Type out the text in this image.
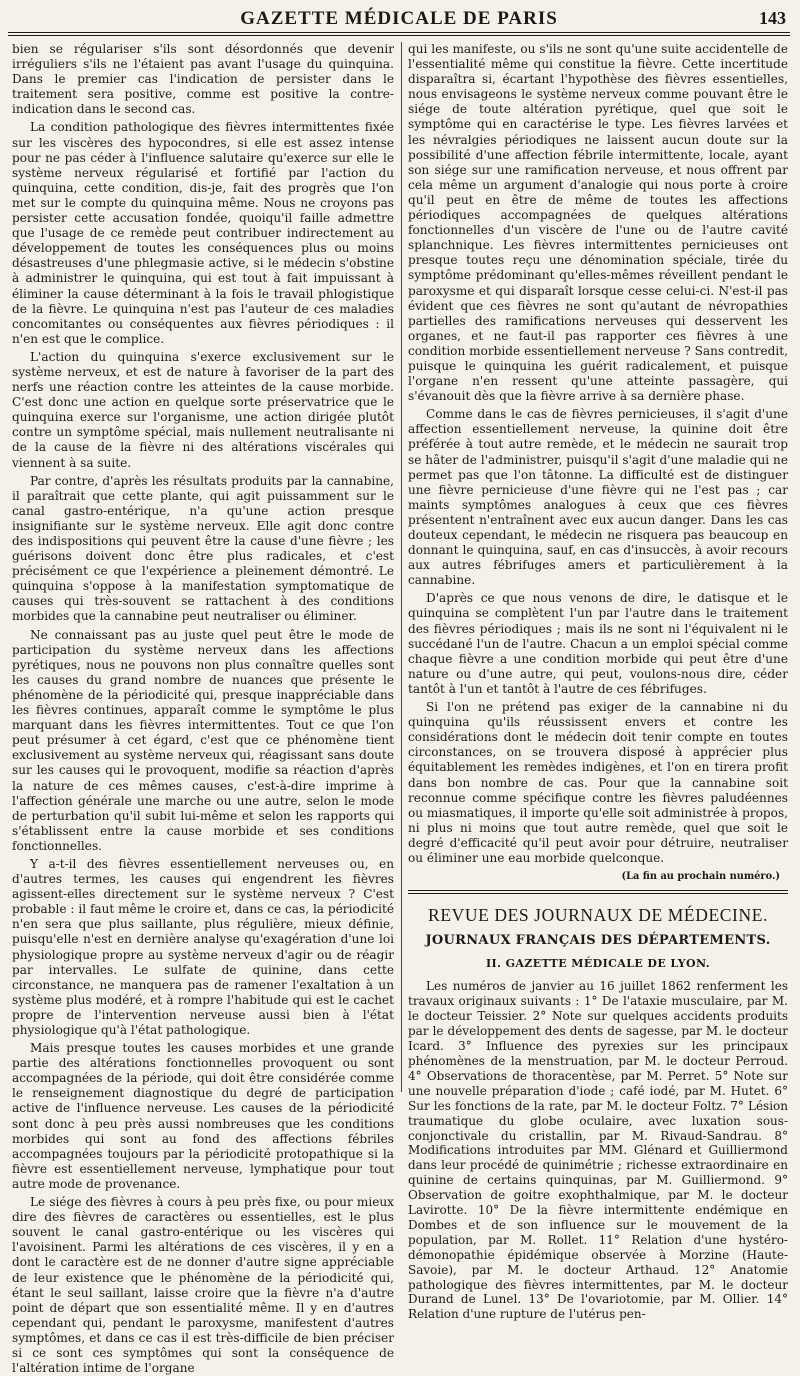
GAZETTE MÉDICALE DE PARIS	143

bien se régulariser s'ils sont désordonnés que devenir irréguliers s'ils ne l'étaient pas avant l'usage du quinquina. Dans le premier cas l'indication de persister dans le traitement sera positive, comme est positive la contre-indication dans le second cas.

La condition pathologique des fièvres intermittentes fixée sur les viscères des hypocondres, si elle est assez intense pour ne pas céder à l'influence salutaire qu'exerce sur elle le système nerveux régularisé et fortifié par l'action du quinquina, cette condition, dis-je, fait des progrès que l'on met sur le compte du quinquina même. Nous ne croyons pas persister cette accusation fondée, quoiqu'il faille admettre que l'usage de ce remède peut contribuer indirectement au développement de toutes les conséquences plus ou moins désastreuses d'une phlegmasie active, si le médecin s'obstine à administrer le quinquina, qui est tout à fait impuissant à éliminer la cause déterminant à la fois le travail phlogistique de la fièvre. Le quinquina n'est pas l'auteur de ces maladies concomitantes ou conséquentes aux fièvres périodiques : il n'en est que le complice.

L'action du quinquina s'exerce exclusivement sur le système nerveux, et est de nature à favoriser de la part des nerfs une réaction contre les atteintes de la cause morbide. C'est donc une action en quelque sorte préservatrice que le quinquina exerce sur l'organisme, une action dirigée plutôt contre un symptôme spécial, mais nullement neutralisante ni de la cause de la fièvre ni des altérations viscérales qui viennent à sa suite.

Par contre, d'après les résultats produits par la cannabine, il paraîtrait que cette plante, qui agit puissamment sur le canal gastro-entérique, n'a qu'une action presque insignifiante sur le système nerveux. Elle agit donc contre des indispositions qui peuvent être la cause d'une fièvre ; les guérisons doivent donc être plus radicales, et c'est précisément ce que l'expérience a pleinement démontré. Le quinquina s'oppose à la manifestation symptomatique de causes qui très-souvent se rattachent à des conditions morbides que la cannabine peut neutraliser ou éliminer.

Ne connaissant pas au juste quel peut être le mode de participation du système nerveux dans les affections pyrétiques, nous ne pouvons non plus connaître quelles sont les causes du grand nombre de nuances que présente le phénomène de la périodicité qui, presque inappréciable dans les fièvres continues, apparaît comme le symptôme le plus marquant dans les fièvres intermittentes. Tout ce que l'on peut présumer à cet égard, c'est que ce phénomène tient exclusivement au système nerveux qui, réagissant sans doute sur les causes qui le provoquent, modifie sa réaction d'après la nature de ces mêmes causes, c'est-à-dire imprime à l'affection générale une marche ou une autre, selon le mode de perturbation qu'il subit lui-même et selon les rapports qui s'établissent entre la cause morbide et ses conditions fonctionnelles.

Y a-t-il des fièvres essentiellement nerveuses ou, en d'autres termes, les causes qui engendrent les fièvres agissent-elles directement sur le système nerveux ? C'est probable : il faut même le croire et, dans ce cas, la périodicité n'en sera que plus saillante, plus régulière, mieux définie, puisqu'elle n'est en dernière analyse qu'exagération d'une loi physiologique propre au système nerveux d'agir ou de réagir par intervalles. Le sulfate de quinine, dans cette circonstance, ne manquera pas de ramener l'exaltation à un système plus modéré, et à rompre l'habitude qui est le cachet propre de l'intervention nerveuse aussi bien à l'état physiologique qu'à l'état pathologique.

Mais presque toutes les causes morbides et une grande partie des altérations fonctionnelles provoquent ou sont accompagnées de la période, qui doit être considérée comme le renseignement diagnostique du degré de participation active de l'influence nerveuse. Les causes de la périodicité sont donc à peu près aussi nombreuses que les conditions morbides qui sont au fond des affections fébriles accompagnées toujours par la périodicité protopathique si la fièvre est essentiellement nerveuse, lymphatique pour tout autre mode de provenance.

Le siége des fièvres à cours à peu près fixe, ou pour mieux dire des fièvres de caractères ou essentielles, est le plus souvent le canal gastro-entérique ou les viscères qui l'avoisinent. Parmi les altérations de ces viscères, il y en a dont le caractère est de ne donner d'autre signe appréciable de leur existence que le phénomène de la périodicité qui, étant le seul saillant, laisse croire que la fièvre n'a d'autre point de départ que son essentialité même. Il y en d'autres cependant qui, pendant le paroxysme, manifestent d'autres symptômes, et dans ce cas il est très-difficile de bien préciser si ce sont ces symptômes qui sont la conséquence de l'altération intime de l'organe

qui les manifeste, ou s'ils ne sont qu'une suite accidentelle de l'essentialité même qui constitue la fièvre. Cette incertitude disparaîtra si, écartant l'hypothèse des fièvres essentielles, nous envisageons le système nerveux comme pouvant être le siége de toute altération pyrétique, quel que soit le symptôme qui en caractérise le type. Les fièvres larvées et les névralgies périodiques ne laissent aucun doute sur la possibilité d'une affection fébrile intermittente, locale, ayant son siége sur une ramification nerveuse, et nous offrent par cela même un argument d'analogie qui nous porte à croire qu'il peut en être de même de toutes les affections périodiques accompagnées de quelques altérations fonctionnelles d'un viscère de l'une ou de l'autre cavité splanchnique. Les fièvres intermittentes pernicieuses ont presque toutes reçu une dénomination spéciale, tirée du symptôme prédominant qu'elles-mêmes réveillent pendant le paroxysme et qui disparaît lorsque cesse celui-ci. N'est-il pas évident que ces fièvres ne sont qu'autant de névropathies partielles des ramifications nerveuses qui desservent les organes, et ne faut-il pas rapporter ces fièvres à une condition morbide essentiellement nerveuse ? Sans contredit, puisque le quinquina les guérit radicalement, et puisque l'organe n'en ressent qu'une atteinte passagère, qui s'évanouit dès que la fièvre arrive à sa dernière phase.

Comme dans le cas de fièvres pernicieuses, il s'agit d'une affection essentiellement nerveuse, la quinine doit être préférée à tout autre remède, et le médecin ne saurait trop se hâter de l'administrer, puisqu'il s'agit d'une maladie qui ne permet pas que l'on tâtonne. La difficulté est de distinguer une fièvre pernicieuse d'une fièvre qui ne l'est pas ; car maints symptômes analogues à ceux que ces fièvres présentent n'entraînent avec eux aucun danger. Dans les cas douteux cependant, le médecin ne risquera pas beaucoup en donnant le quinquina, sauf, en cas d'insuccès, à avoir recours aux autres fébrifuges amers et particulièrement à la cannabine.

D'après ce que nous venons de dire, le datisque et le quinquina se complètent l'un par l'autre dans le traitement des fièvres périodiques ; mais ils ne sont ni l'équivalent ni le succédané l'un de l'autre. Chacun a un emploi spécial comme chaque fièvre a une condition morbide qui peut être d'une nature ou d'une autre, qui peut, voulons-nous dire, céder tantôt à l'un et tantôt à l'autre de ces fébrifuges.

Si l'on ne prétend pas exiger de la cannabine ni du quinquina qu'ils réussissent envers et contre les considérations dont le médecin doit tenir compte en toutes circonstances, on se trouvera disposé à apprécier plus équitablement les remèdes indigènes, et l'on en tirera profit dans bon nombre de cas. Pour que la cannabine soit reconnue comme spécifique contre les fièvres paludéennes ou miasmatiques, il importe qu'elle soit administrée à propos, ni plus ni moins que tout autre remède, quel que soit le degré d'efficacité qu'il peut avoir pour détruire, neutraliser ou éliminer une eau morbide quelconque.

(La fin au prochain numéro.)
REVUE DES JOURNAUX DE MÉDECINE.
JOURNAUX FRANÇAIS DES DÉPARTEMENTS.
II. GAZETTE MÉDICALE DE LYON.

Les numéros de janvier au 16 juillet 1862 renferment les travaux originaux suivants : 1° De l'ataxie musculaire, par M. le docteur Teissier. 2° Note sur quelques accidents produits par le développement des dents de sagesse, par M. le docteur Icard. 3° Influence des pyrexies sur les principaux phénomènes de la menstruation, par M. le docteur Perroud. 4° Observations de thoracentèse, par M. Perret. 5° Note sur une nouvelle préparation d'iode ; café iodé, par M. Hutet. 6° Sur les fonctions de la rate, par M. le docteur Foltz. 7° Lésion traumatique du globe oculaire, avec luxation sous-conjonctivale du cristallin, par M. Rivaud-Sandrau. 8° Modifications introduites par MM. Glénard et Guilliermond dans leur procédé de quinimétrie ; richesse extraordinaire en quinine de certains quinquinas, par M. Guilliermond. 9° Observation de goitre exophthalmique, par M. le docteur Lavirotte. 10° De la fièvre intermittente endémique en Dombes et de son influence sur le mouvement de la population, par M. Rollet. 11° Relation d'une hystéro-démonopathie épidémique observée à Morzine (Haute-Savoie), par M. le docteur Arthaud. 12° Anatomie pathologique des fièvres intermittentes, par M. le docteur Durand de Lunel. 13° De l'ovariotomie, par M. Ollier. 14° Relation d'une rupture de l'utérus pen-
